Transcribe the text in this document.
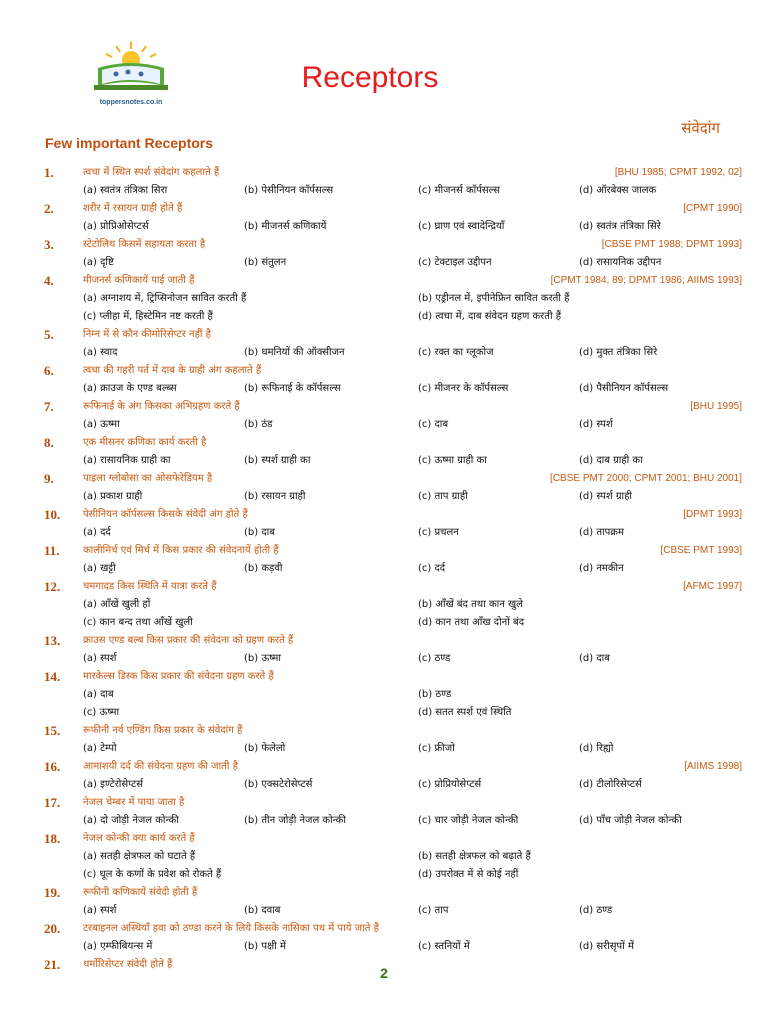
toppersnotes.co.in
Receptors
संवेदांग
Few important Receptors
1.	त्वचा में स्थित स्पर्श संवेदांग कहलाते हैं	[BHU 1985; CPMT 1992, 02]
(a) स्वतंत्र तंत्रिका सिरा	(b) पेसीनियन कॉर्पसल्स	(c) मीजनर्स कॉर्पसल्स	(d) ऑरबेक्स जालक
2.	शरीर में रसायन ग्राही होते हैं	[CPMT 1990]
(a) प्रोप्रिओसेप्टर्स	(b) मीजनर्स कणिकायें	(c) घ्राण एवं स्वादेन्द्रियाँ	(d) स्वतंत्र तंत्रिका सिरे
3.	स्टेटोलिथ किसमें सहायता करता है	[CBSE PMT 1988; DPMT 1993]
(a) दृष्टि	(b) संतुलन	(c) टेक्टाइल उद्दीपन	(d) रासायनिक उद्दीपन
4.	मीजनर्स कणिकायें पाई जाती हैं	[CPMT 1984, 89; DPMT 1986; AIIMS 1993]
(a) अग्नाशय में, ट्रिप्सिनोजन स्रावित करती हैं	(b) एड्रीनल में, इपीनेफ्रिन स्रावित करती हैं
(c) प्लीहा में, हिस्टेमिन नष्ट करती हैं	(d) त्वचा में, दाब संवेदन ग्रहण करती हैं
5.	निम्न में से कौन कीमोरिसेप्टर नहीं है
(a) स्वाद	(b) धमनियों की ऑक्सीजन	(c) रक्त का ग्लूकोज	(d) मुक्त तंत्रिका सिरे
6.	त्वचा की गहरी पर्त में दाब के ग्राही अंग कहलाते हैं
(a) क्राउज के एण्ड बल्ब्स	(b) रूफिनाई के कॉर्पसल्स	(c) मीजनर के कॉर्पसल्स	(d) पैसीनियन कॉर्पसल्स
7.	रूफिनाई के अंग किसका अभिग्रहण करते हैं	[BHU 1995]
(a) ऊष्मा	(b) ठंड	(c) दाब	(d) स्पर्श
8.	एक मीसनर कणिका कार्य करती है
(a) रासायनिक ग्राही का	(b) स्पर्श ग्राही का	(c) ऊष्मा ग्राही का	(d) दाब ग्राही का
9.	पाइला ग्लोबोसा का ओसफेरेडियम है	[CBSE PMT 2000; CPMT 2001; BHU 2001]
(a) प्रकाश ग्राही	(b) रसायन ग्राही	(c) ताप ग्राही	(d) स्पर्श ग्राही
10.	पेसीनियन कॉर्पसल्स किसके संवेदी अंग होते हैं	[DPMT 1993]
(a) दर्द	(b) दाब	(c) प्रचलन	(d) तापक्रम
11.	कालीमिर्च एवं मिर्च में किस प्रकार की संवेदनायें होती हैं	[CBSE PMT 1993]
(a) खट्टी	(b) कड़वी	(c) दर्द	(d) नमकीन
12.	चमगादड किस स्थिति में यात्रा करते हैं	[AFMC 1997]
(a) आँखें खुली हों	(b) आँखें बंद तथा कान खुले
(c) कान बन्द तथा आँखें खुली	(d) कान तथा आँख दोनों बंद
13.	क्राउस एण्ड बल्ब किस प्रकार की संवेदना को ग्रहण करते हैं
(a) स्पर्श	(b) ऊष्मा	(c) ठण्ड	(d) दाब
14.	मारकेल्स डिस्क किस प्रकार की संवेदना ग्रहण करते हैं
(a) दाब	(b) ठण्ड
(c) ऊष्मा	(d) सतत स्पर्श एवं स्थिति
15.	रूफीनी नर्व एण्डिंग किस प्रकार के संवेदांग हैं
(a) टेम्पो	(b) फेलेलो	(c) फ्रीजो	(d) रिह्यो
16.	आमाशयी दर्द की संवेदना ग्रहण की जाती है	[AIIMS 1998]
(a) इण्टेरोसेप्टर्स	(b) एक्सटेरोसेप्टर्स	(c) प्रोप्रियोसेप्टर्स	(d) टीलोरिसेप्टर्स
17.	नेजल चेम्बर में पाया जाता है
(a) दो जोड़ी नेजल कोन्की	(b) तीन जोड़ी नेजल कोन्की	(c) चार जोड़ी नेजल कोन्की	(d) पाँच जोड़ी नेजल कोन्की
18.	नेजल कोन्की क्या कार्य करते हैं
(a) सतही क्षेत्रफल को घटाते हैं	(b) सतही क्षेत्रफल को बढ़ाते हैं
(c) धूल के कणों के प्रवेश को रोकते हैं	(d) उपरोक्त में से कोई नहीं
19.	रूफीनी कणिकायें संवेदी होती हैं
(a) स्पर्श	(b) दवाब	(c) ताप	(d) ठण्ड
20.	टरबाइनल अस्थियाँ हवा को ठण्डा करने के लिये किसके नासिका पथ में पाये जाते हैं
(a) एम्फीबियन्स में	(b) पक्षी में	(c) स्तनियों में	(d) सरीसृपों में
21.	थर्मोरिसेप्टर संवेदी होते हैं
2
